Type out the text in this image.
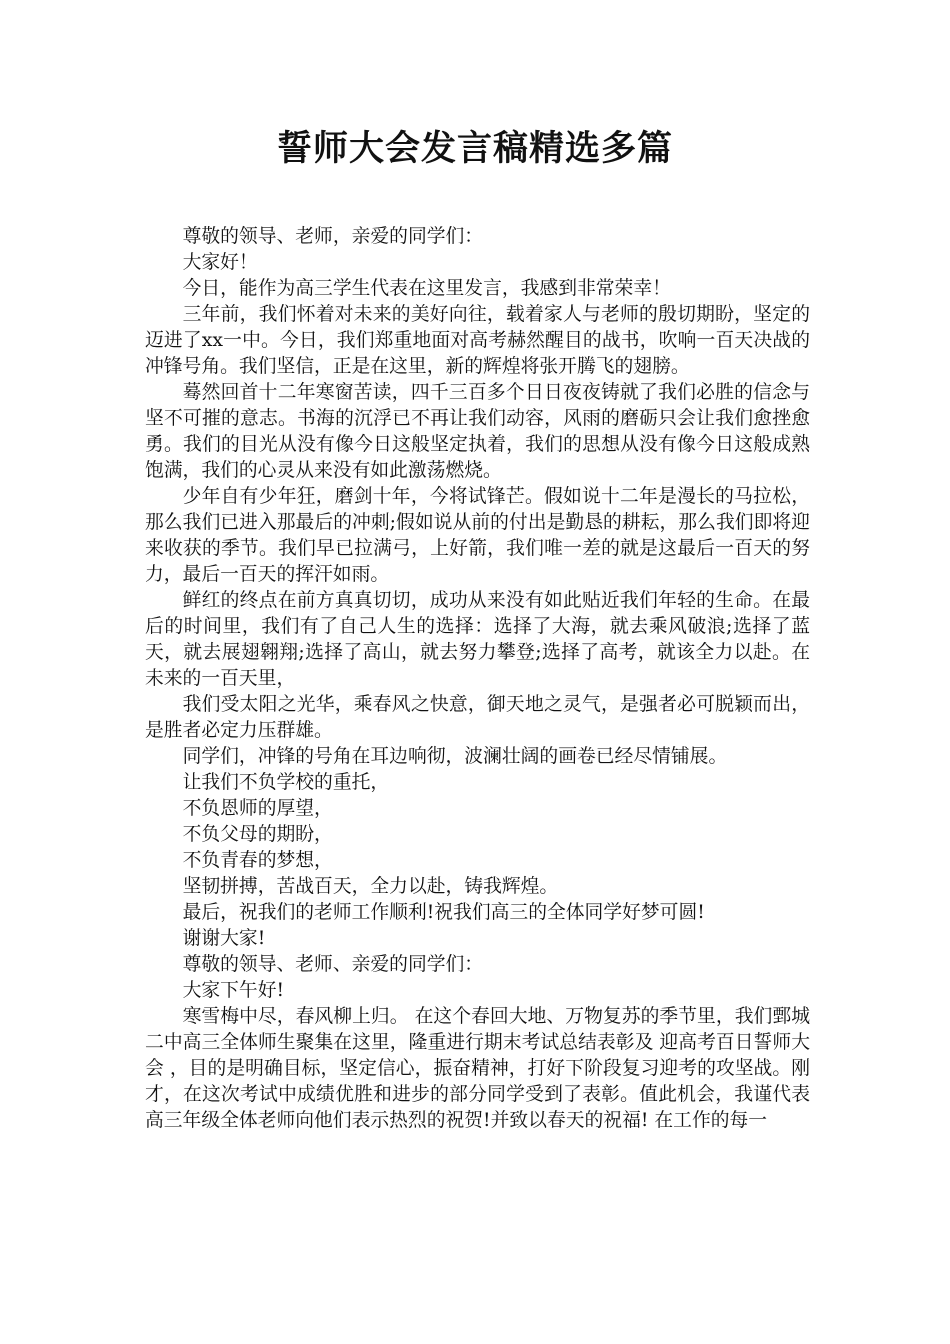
誓师大会发言稿精选多篇

尊敬的领导、老师，亲爱的同学们：

大家好！

今日，能作为高三学生代表在这里发言，我感到非常荣幸！

三年前，我们怀着对未来的美好向往，载着家人与老师的殷切期盼，坚定的迈进了xx一中。今日，我们郑重地面对高考赫然醒目的战书，吹响一百天决战的冲锋号角。我们坚信，正是在这里，新的辉煌将张开腾飞的翅膀。

蓦然回首十二年寒窗苦读，四千三百多个日日夜夜铸就了我们必胜的信念与坚不可摧的意志。书海的沉浮已不再让我们动容，风雨的磨砺只会让我们愈挫愈勇。我们的目光从没有像今日这般坚定执着，我们的思想从没有像今日这般成熟饱满，我们的心灵从来没有如此激荡燃烧。

少年自有少年狂，磨剑十年，今将试锋芒。假如说十二年是漫长的马拉松，那么我们已进入那最后的冲刺;假如说从前的付出是勤恳的耕耘，那么我们即将迎来收获的季节。我们早已拉满弓，上好箭，我们唯一差的就是这最后一百天的努力，最后一百天的挥汗如雨。

鲜红的终点在前方真真切切，成功从来没有如此贴近我们年轻的生命。在最后的时间里，我们有了自己人生的选择：选择了大海，就去乘风破浪;选择了蓝天，就去展翅翱翔;选择了高山，就去努力攀登;选择了高考，就该全力以赴。在未来的一百天里，

我们受太阳之光华，乘春风之快意，御天地之灵气，是强者必可脱颖而出，是胜者必定力压群雄。

同学们，冲锋的号角在耳边响彻，波澜壮阔的画卷已经尽情铺展。

让我们不负学校的重托，

不负恩师的厚望，

不负父母的期盼，

不负青春的梦想，

坚韧拼搏，苦战百天，全力以赴，铸我辉煌。

最后，祝我们的老师工作顺利!祝我们高三的全体同学好梦可圆!

谢谢大家!

尊敬的领导、老师、亲爱的同学们：

大家下午好!

寒雪梅中尽，春风柳上归。 在这个春回大地、万物复苏的季节里，我们鄄城二中高三全体师生聚集在这里，隆重进行期末考试总结表彰及 迎高考百日誓师大会 ，目的是明确目标，坚定信心，振奋精神，打好下阶段复习迎考的攻坚战。刚才，在这次考试中成绩优胜和进步的部分同学受到了表彰。值此机会，我谨代表高三年级全体老师向他们表示热烈的祝贺!并致以春天的祝福! 在工作的每一
